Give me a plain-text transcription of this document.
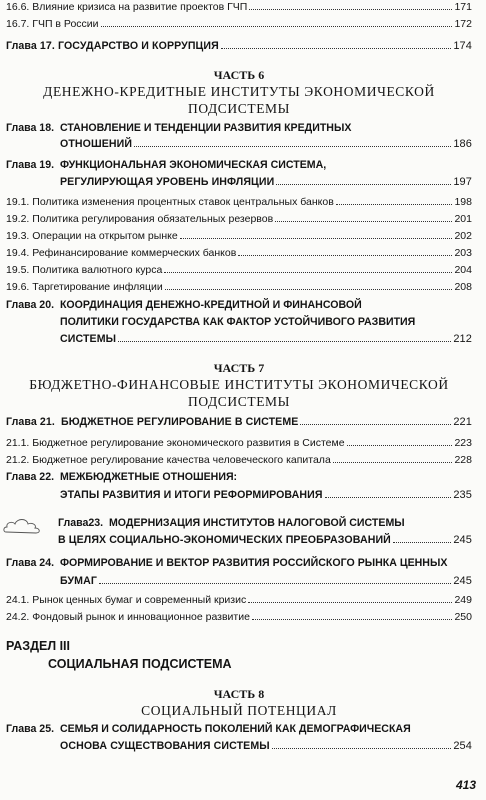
16.6. Влияние кризиса на развитие проектов ГЧП	171
16.7. ГЧП в России	172
Глава 17. ГОСУДАРСТВО И КОРРУПЦИЯ	174
ЧАСТЬ 6
ДЕНЕЖНО-КРЕДИТНЫЕ ИНСТИТУТЫ ЭКОНОМИЧЕСКОЙ
ПОДСИСТЕМЫ
Глава 18. СТАНОВЛЕНИЕ И ТЕНДЕНЦИИ РАЗВИТИЯ КРЕДИТНЫХ
ОТНОШЕНИЙ	186
Глава 19. ФУНКЦИОНАЛЬНАЯ ЭКОНОМИЧЕСКАЯ СИСТЕМА,
РЕГУЛИРУЮЩАЯ УРОВЕНЬ ИНФЛЯЦИИ	197
19.1. Политика изменения процентных ставок центральных банков	198
19.2. Политика регулирования обязательных резервов	201
19.3. Операции на открытом рынке	202
19.4. Рефинансирование коммерческих банков	203
19.5. Политика валютного курса	204
19.6. Таргетирование инфляции	208
Глава 20. КООРДИНАЦИЯ ДЕНЕЖНО-КРЕДИТНОЙ И ФИНАНСОВОЙ
ПОЛИТИКИ ГОСУДАРСТВА КАК ФАКТОР УСТОЙЧИВОГО РАЗВИТИЯ
СИСТЕМЫ	212
ЧАСТЬ 7
БЮДЖЕТНО-ФИНАНСОВЫЕ ИНСТИТУТЫ ЭКОНОМИЧЕСКОЙ
ПОДСИСТЕМЫ
Глава 21. БЮДЖЕТНОЕ РЕГУЛИРОВАНИЕ В СИСТЕМЕ	221
21.1. Бюджетное регулирование экономического развития в Системе	223
21.2. Бюджетное регулирование качества человеческого капитала	228
Глава 22. МЕЖБЮДЖЕТНЫЕ ОТНОШЕНИЯ:
ЭТАПЫ РАЗВИТИЯ И ИТОГИ РЕФОРМИРОВАНИЯ	235
Глава23. МОДЕРНИЗАЦИЯ ИНСТИТУТОВ НАЛОГОВОЙ СИСТЕМЫ
В ЦЕЛЯХ СОЦИАЛЬНО-ЭКОНОМИЧЕСКИХ ПРЕОБРАЗОВАНИЙ	245
Глава 24. ФОРМИРОВАНИЕ И ВЕКТОР РАЗВИТИЯ РОССИЙСКОГО РЫНКА ЦЕННЫХ
БУМАГ	245
24.1. Рынок ценных бумаг и современный кризис	249
24.2. Фондовый рынок и инновационное развитие	250
РАЗДЕЛ III
СОЦИАЛЬНАЯ ПОДСИСТЕМА
ЧАСТЬ 8
СОЦИАЛЬНЫЙ ПОТЕНЦИАЛ
Глава 25. СЕМЬЯ И СОЛИДАРНОСТЬ ПОКОЛЕНИЙ КАК ДЕМОГРАФИЧЕСКАЯ
ОСНОВА СУЩЕСТВОВАНИЯ СИСТЕМЫ	254
413
